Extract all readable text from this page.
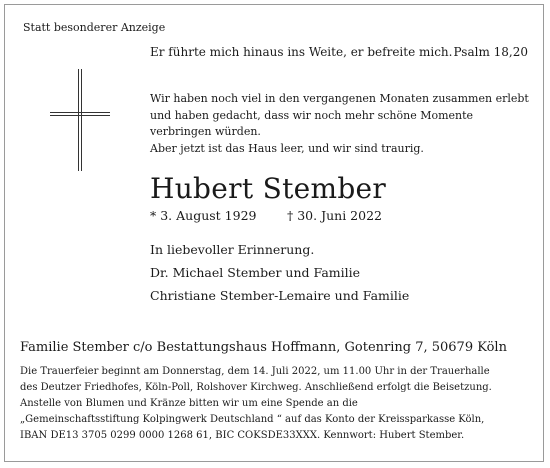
Statt besonderer Anzeige
Er führte mich hinaus ins Weite, er befreite mich. Psalm 18,20
Wir haben noch viel in den vergangenen Monaten zusammen erlebt
und haben gedacht, dass wir noch mehr schöne Momente
verbringen würden.
Aber jetzt ist das Haus leer, und wir sind traurig.
Hubert Stember
* 3. August 1929 † 30. Juni 2022
In liebevoller Erinnerung.
Dr. Michael Stember und Familie
Christiane Stember-Lemaire und Familie
Familie Stember c/o Bestattungshaus Hoffmann, Gotenring 7, 50679 Köln
Die Trauerfeier beginnt am Donnerstag, dem 14. Juli 2022, um 11.00 Uhr in der Trauerhalle
des Deutzer Friedhofes, Köln-Poll, Rolshover Kirchweg. Anschließend erfolgt die Beisetzung.
Anstelle von Blumen und Kränze bitten wir um eine Spende an die
„Gemeinschaftsstiftung Kolpingwerk Deutschland “ auf das Konto der Kreissparkasse Köln,
IBAN DE13 3705 0299 0000 1268 61, BIC COKSDE33XXX. Kennwort: Hubert Stember.
